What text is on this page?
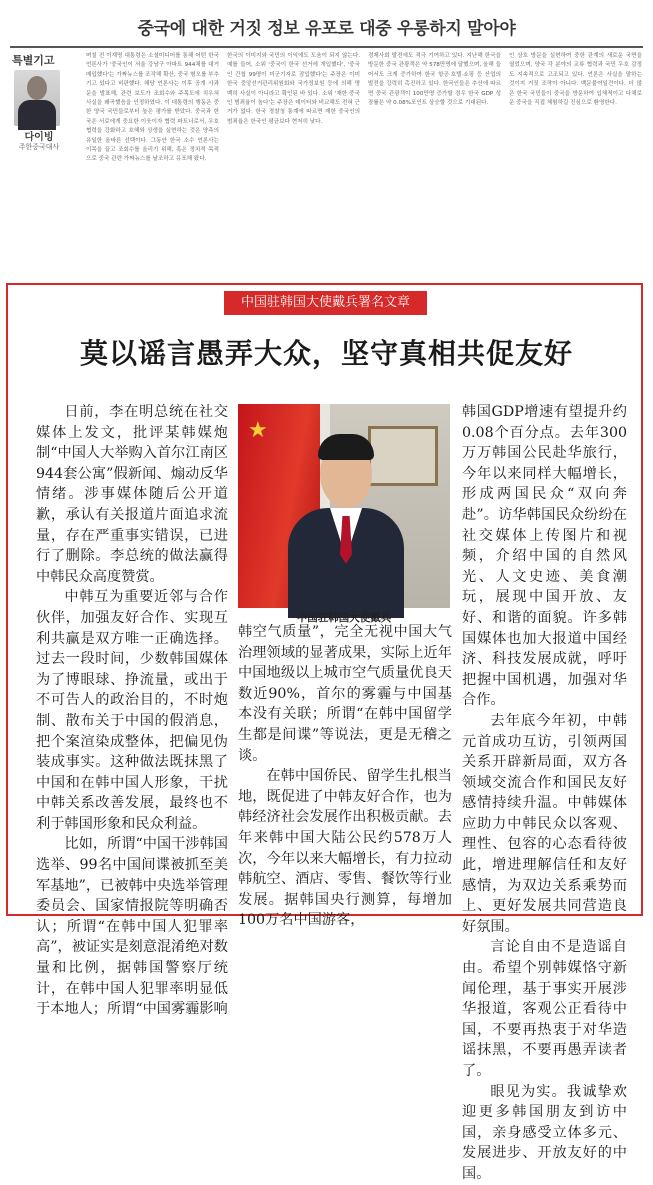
중국에 대한 거짓 정보 유포로 대중 우롱하지 말아야
특별기고
다이빙
주한중국대사
며칠 전 이재명 대통령은 소셜미디어를 통해 어떤 한국 언론사가 '중국인이 서울 강남구 아파트 944채를 대거 매입했다'는 가짜뉴스를 조작해 확산, 중국 혐오를 부추기고 있다고 비판했다. 해당 언론사는 이후 공개 사과문을 발표해, 관련 보도가 조회수와 주목도에 치우쳐 사실을 왜곡했음을 인정하였다. 이 대통령의 행동은 중한 양국 국민들로부터 높은 평가를 받았다. 중국과 한국은 서로에게 중요한 이웃이자 협력 파트너로서, 우호 협력을 강화하고 호혜와 상생을 실현하는 것은 양측의 유일한 올바른 선택이다. 그동안 한국 소수 언론사는 이목을 끌고 조회수를 올리기 위해, 혹은 정치적 목적으로 중국 관련 가짜뉴스를 날조하고 유포해 왔다.
한국의 이미지와 국민의 이익에도 도움이 되지 않는다. 예를 들어, 소위 '중국이 한국 선거에 개입했다', '중국인 간첩 99명이 미군기지로 잠입했다'는 주장은 이미 한국 중앙선거관리위원회와 국가정보원 등에 의해 명백히 사실이 아니라고 확인된 바 있다. 소위 '재한 중국인 범죄율이 높다'는 주장은 데이터와 비교해도 전혀 근거가 없다. 한국 경찰청 통계에 따르면 재한 중국인의 범죄율은 한국인 평균보다 현저히 낮다.
경제사회 발전에도 적극 기여하고 있다. 지난해 한국을 방문한 중국 관광객은 약 578만명에 달했으며, 올해 들어서도 크게 증가하여 한국 항공·호텔·쇼핑 등 산업의 발전을 강력히 촉진하고 있다. 한국인들은 추산에 따르면 중국 관광객이 100만명 증가할 경우 한국 GDP 성장률은 약 0.08%포인트 상승할 것으로 기대된다.
인 상호 방문을 실현하여 중한 관계의 새로운 국면을 열었으며, 양국 각 분야의 교류 협력과 국민 우호 감정도 지속적으로 고조되고 있다. 언론은 사실을 말하는 것이지 거짓 조작이 아니다. 백문불여일견이다. 더 많은 한국 국민들이 중국을 방문하여 입체적이고 다채로운 중국을 직접 체험하길 진심으로 환영한다.
中国驻韩国大使戴兵署名文章
莫以谣言愚弄大众，坚守真相共促友好

日前，李在明总统在社交媒体上发文，批评某韩媒炮制“中国人大举购入首尔江南区944套公寓”假新闻、煽动反华情绪。涉事媒体随后公开道歉，承认有关报道片面追求流量，存在严重事实错误，已进行了删除。李总统的做法赢得中韩民众高度赞赏。

中韩互为重要近邻与合作伙伴，加强友好合作、实现互利共赢是双方唯一正确选择。过去一段时间，少数韩国媒体为了博眼球、挣流量，或出于不可告人的政治目的，不时炮制、散布关于中国的假消息，把个案渲染成整体，把偏见伪装成事实。这种做法既抹黑了中国和在韩中国人形象，干扰中韩关系改善发展，最终也不利于韩国形象和民众利益。

比如，所谓“中国干涉韩国选举、99名中国间谍被抓至美军基地”，已被韩中央选举管理委员会、国家情报院等明确否认；所谓“在韩中国人犯罪率高”，被证实是刻意混淆绝对数量和比例，据韩国警察厅统计，在韩中国人犯罪率明显低于本地人；所谓“中国雾霾影响

★
中国驻韩国大使戴兵

韩空气质量”，完全无视中国大气治理领域的显著成果，实际上近年中国地级以上城市空气质量优良天数近90%，首尔的雾霾与中国基本没有关联；所谓“在韩中国留学生都是间谍”等说法，更是无稽之谈。

在韩中国侨民、留学生扎根当地，既促进了中韩友好合作，也为韩经济社会发展作出积极贡献。去年来韩中国大陆公民约578万人次，今年以来大幅增长，有力拉动韩航空、酒店、零售、餐饮等行业发展。据韩国央行测算，每增加100万名中国游客，

韩国GDP增速有望提升约0.08个百分点。去年300万万韩国公民赴华旅行，今年以来同样大幅增长，形成两国民众“双向奔赴”。访华韩国民众纷纷在社交媒体上传图片和视频，介绍中国的自然风光、人文史迹、美食潮玩，展现中国开放、友好、和谐的面貌。许多韩国媒体也加大报道中国经济、科技发展成就，呼吁把握中国机遇，加强对华合作。

去年底今年初，中韩元首成功互访，引领两国关系开辟新局面，双方各领域交流合作和国民友好感情持续升温。中韩媒体应助力中韩民众以客观、理性、包容的心态看待彼此，增进理解信任和友好感情，为双边关系乘势而上、更好发展共同营造良好氛围。

言论自由不是造谣自由。希望个别韩媒恪守新闻伦理，基于事实开展涉华报道，客观公正看待中国，不要再热衷于对华造谣抹黑，不要再愚弄读者了。

眼见为实。我诚挚欢迎更多韩国朋友到访中国，亲身感受立体多元、发展进步、开放友好的中国。
